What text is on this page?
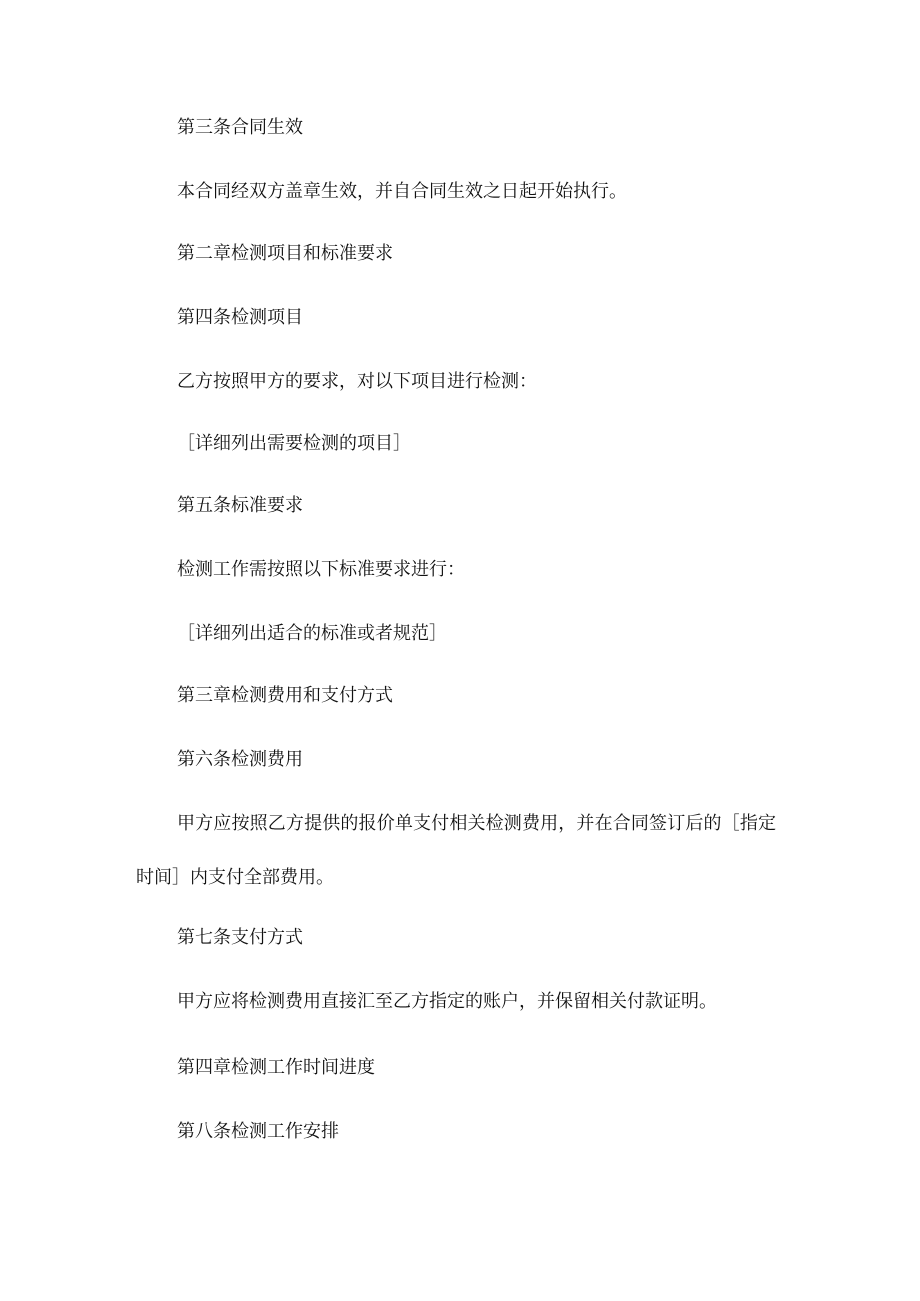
第三条合同生效
本合同经双方盖章生效，并自合同生效之日起开始执行。
第二章检测项目和标准要求
第四条检测项目
乙方按照甲方的要求，对以下项目进行检测：
［详细列出需要检测的项目］
第五条标准要求
检测工作需按照以下标准要求进行：
［详细列出适合的标准或者规范］
第三章检测费用和支付方式
第六条检测费用
甲方应按照乙方提供的报价单支付相关检测费用，并在合同签订后的［指定时间］内支付全部费用。
第七条支付方式
甲方应将检测费用直接汇至乙方指定的账户，并保留相关付款证明。
第四章检测工作时间进度
第八条检测工作安排
